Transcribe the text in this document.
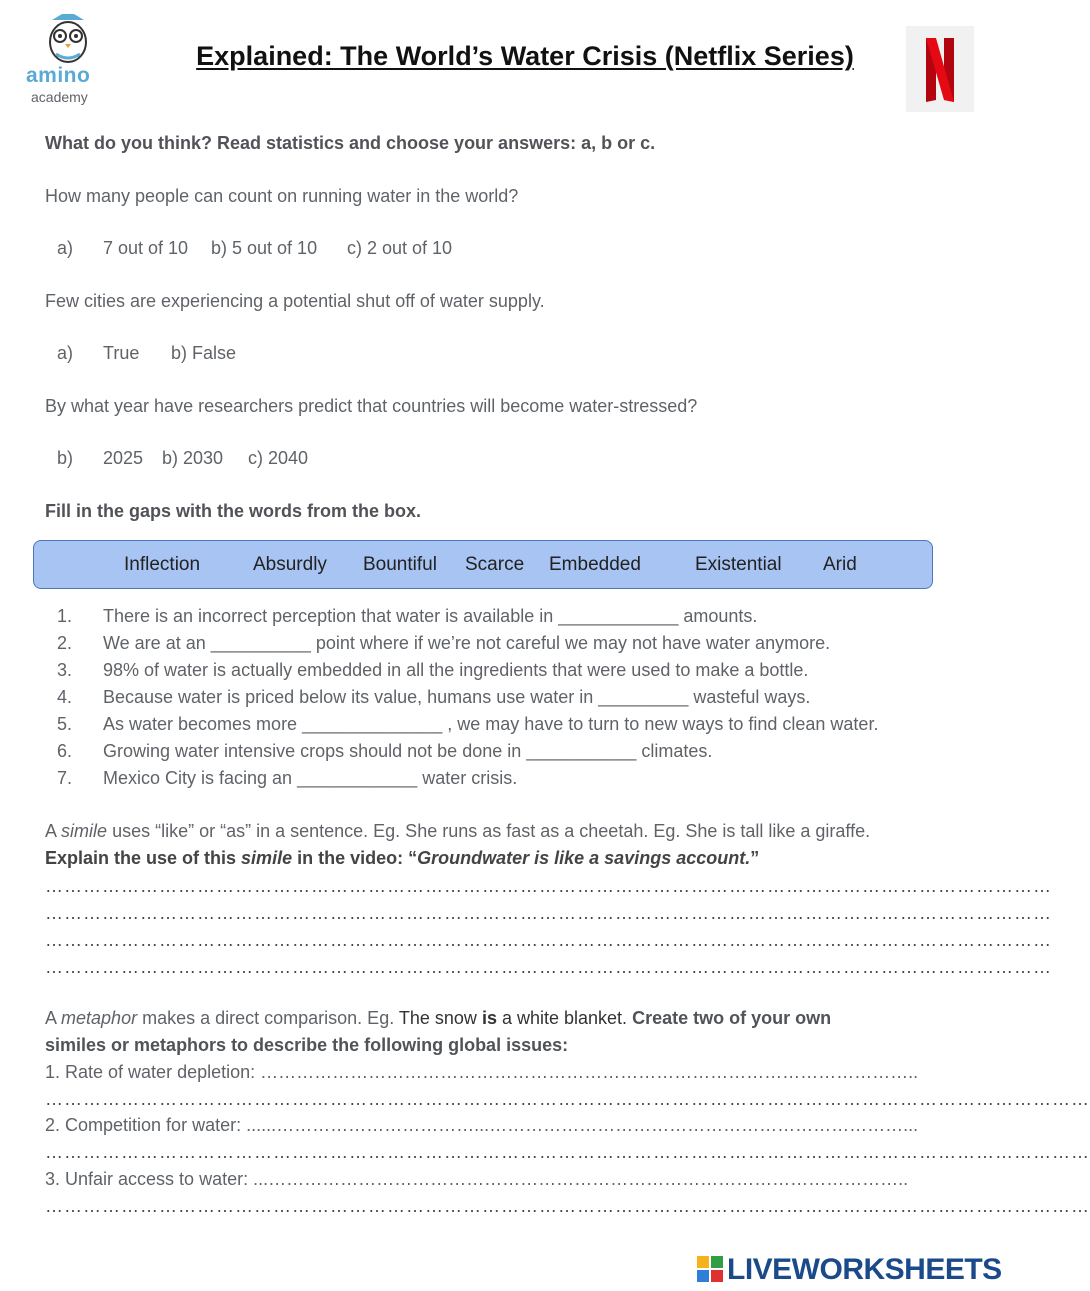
amino
academy
Explained: The World’s Water Crisis (Netflix Series)
What do you think? Read statistics and choose your answers: a, b or c.
How many people can count on running water in the world?
a) 7 out of 10 b) 5 out of 10 c) 2 out of 10
Few cities are experiencing a potential shut off of water supply.
a) True b) False
By what year have researchers predict that countries will become water-stressed?
b) 2025 b) 2030 c) 2040
Fill in the gaps with the words from the box.
Inflection	Absurdly Bountiful Scarce Embedded	Existential Arid
1. There is an incorrect perception that water is available in ____________ amounts.
2. We are at an __________ point where if we’re not careful we may not have water anymore.
3. 98% of water is actually embedded in all the ingredients that were used to make a bottle.
4. Because water is priced below its value, humans use water in _________ wasteful ways.
5. As water becomes more ______________ , we may have to turn to new ways to find clean water.
6. Growing water intensive crops should not be done in ___________ climates.
7. Mexico City is facing an ____________ water crisis.
A simile uses “like” or “as” in a sentence. Eg. She runs as fast as a cheetah. Eg. She is tall like a giraffe.
Explain the use of this simile in the video: “Groundwater is like a savings account.”
……………………………………………………………………………………………………………………………………………
……………………………………………………………………………………………………………………………………………
……………………………………………………………………………………………………………………………………………
……………………………………………………………………………………………………………………………………………
A metaphor makes a direct comparison. Eg. The snow is a white blanket. Create two of your own
similes or metaphors to describe the following global issues:
1. Rate of water depletion: ………………………………………………………………………………………………..
…………………………………………………………………………………………………………………………………………………
2. Competition for water: ......……………………………...……………………………………………………………...
…………………………………………………………………………………………………………………………………………………
3. Unfair access to water: ...……………………………………………………………………………………………..
…………………………………………………………………………………………………………………………………………………
LIVEWORKSHEETS
